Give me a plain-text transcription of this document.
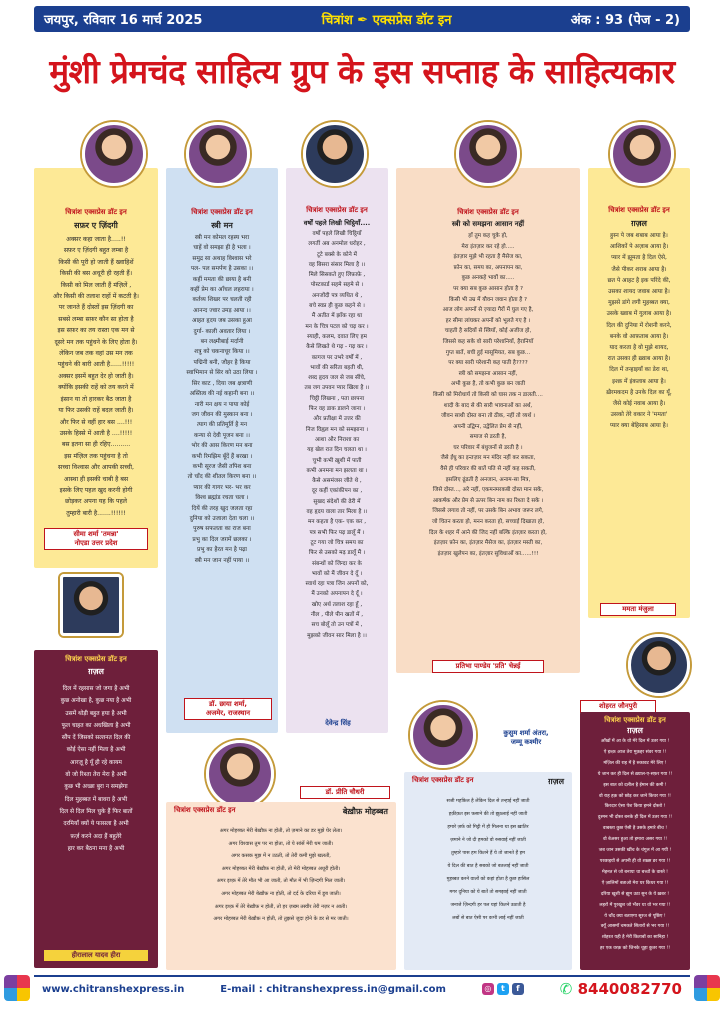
जयपुर, रविवार 16 मार्च 2025	चित्रांश ✒ एक्सप्रेस डॉट इन	अंक : 93 (पेज - 2)
मुंशी प्रेमचंद साहित्य ग्रुप के इस सप्ताह के साहित्यकार
चित्रांश एक्सप्रेस डॉट इन
सफ़र ए ज़िंदगी
अक्सर कहा जाता है.....!!
सफ़र ए ज़िंदगी बहुत लम्बा है
किसी की पूरी हो जाती हैं ख्वाहिशें
किसी की बस अधूरी ही रहती हैं।
किसी को मिल जाती हैं मंज़िलें ,
और किसी की तलाश राहों में कटती है।
पर जानते हैं दोस्तों इस ज़िंदगी का
सबसे लम्बा सफ़र कौन सा होता है
इस सफ़र का तय रास्ता एक मन से
दूसरे मन तक पहुंचने के लिए होता है।
लेकिन जब तक वहां उस मन तक
पहुंचने की बारी आती है......!!!!!
अक्सर इसमें बहुत देर हो जाती है।
क्योंकि इसकी राहें को तय करने में
इंसान या तो हारकर बैठ जाता है
या फिर उसकी राहें बदल जाती है।
और फिर से वहीं हार बस ....!!!
उसके हिस्से में आती है ....!!!!!
बस इतना सा ही रहिए..........
इस मंज़िल तक पहुंचना है तो
सच्चा विश्वास और आपकी सच्ची,
आस्था ही इसकी चाबी है बस
इसके लिए पहल खुद करनी होगी
छोड़कर अपना यह कि पहले
तुम्हारी बारी है.......!!!!!!
सीमा शर्मा 'तमन्ना'
नोएडा उत्तर प्रदेश
चित्रांश एक्सप्रेस डॉट इन
स्त्री मन
स्त्री मन कोमल रहस्य भरा
चाहें वो समझा ही है भला ।
समुद्र सा अथाह विश्वास भरे
पल- पल समर्पण है उसका ।।
कहीं ममता की छाया है बनी
कहीं प्रेम का आँचल लहराया ।
कर्तव्य शिखर पर चलती रही
आनन्द ज्वार उमड़ आया ।।
आहत हृदय जब उसका हुआ
दुर्गा- काली अवतार लिया ।
बन लक्ष्मीबाई मर्दानी
शत्रु को चकनाचूर किया ।।
पद्मिनी बनी, जौहर है किया
स्वाभिमान से सिर को उठा लिया ।
सिर काट , दिया जब क्षत्राणी
अस्तित्व की नई कहानी बना ।।
नारी मन क्षय न पाया कोई
जग जीवन की मुस्कान बना ।
त्याग की प्रतिमूर्ति है मन
कन्या से देवी पूजन बना ।।
भोर की आस किरण मन बना
कभी रिमझिम बूँदें हैं बरखा ।
कभी सूरज जैसी तपिश बना
तो चाँद की शीतल किरण बना ।।
प्यार की गागर भर- भर कर
विश्व ब्रह्मांड रचता चला ।
दियें की तरह खुद जलता रहा
दुनिया को उजाला देता चला ।।
पुरुष सफलता का राज बना
प्रभु का दिल जग़में छलका ।
प्रभु का हैरत मन है पढ़ा
स्त्री मन जान नहीं पाया ।।
डॉ. छाया शर्मा,
अजमेर, राजस्थान
चित्रांश एक्सप्रेस डॉट इन
वर्षों पहले लिखी चिट्ठियाँ....
वर्षों पहले लिखी चिट्ठियाँ
लगतीं अब अनमोल धरोहर ,
टूटे बक्से के कोने में
वह बिसरा संसार मिला है ।।
मिले सिसकते हुए लिफ़ाफ़े ,
पोस्टकार्ड सहमे सहमे से ।
अनजोंदी पत्र व्यथित थे ,
बचे स्वप्न ही कुछ कहने से ।
मैं अतीत में झाँक रहा था
मन के चित्र पटल को चढ़ कर ।
स्याही, कलम, दवात लिए हम
कैसे लिखते थे गढ़ - गढ़ कर ।
कागज पर उभरे वर्षों में ,
भावों की सरिता बहती थी,
शब्द हृदय जल से जब सींचे,
तब जग उपवन प्यार खिला है ।।
चिट्ठी लिखना , पता छापना
फिर वह डाक डालने जाना ।
और प्रतीक्षा में उत्तर की
निज विह्वल मन को समझाना ।
आशा और निराशा का
यह खेल रात दिन चलता था ।
चुभी कभी ख़ुशी में पाती
कभी अनमना मन झलता था ।
कैसे असमंजस जीते थे ,
दूर कहीं एकांकीपन का ,
सुखद संदेशों की ढेरी में
वह हृदय वाला तार मिला है ।।
मन कहता है एक- एक कर ,
पत्र सभी फिर पढ़ डालूँ मैं ।
टूट गया जो चित्र समय का
फिर से उसको मढ़ डालूँ मैं ।
संबन्धों को जिन्दा कर के
भावों को मैं जीवन दे दूँ ।
स्वार्थ रहा पत्रा जिन अपनों को,
मैं उनको अपनापन दे दूँ ।
खोए अर्थ तलाश रहा हूँ ,
नील , पीले पीन खतों में ,
सच बोलूँ तो उन पत्रों में ,
मुझको जीवन सार मिला है ।।
देवेन्द्र सिंह
चित्रांश एक्सप्रेस डॉट इन
स्त्री को समझना आसान नहीं
हाँ तुम कह चुके हो,
मेरा इंतज़ार कर रहे हो.....
इंतज़ार मुझे भी रहता है मैसेज का,
फ़ोन का, समय का, अपनापन का,
कुछ अनकहे भावों का.....
पर क्या सब कुछ आसान होता है ?
किसी भी उम्र में यौवन जवान होता है ?
आज लोग अपनों से ज़्यादा गैरों में घुल गए है,
हर सीमा लांघकर अपनों को भूलते गए है ।
चाहती है सदियों से स्त्रियाँ, कोई अजीज हो,
जिससे कह सके वो सारी परेशानियाँ, हैरानियाँ
गुप्त बातें, बची हुई मासूमियत, सब कुछ...
पर क्या सारी परेशानी कह पाती है????
स्त्री को समझना आसान नहीं,
अभी कुछ है, तो कभी कुछ बन जाती
किसी को मिरोधार्य तो किसी को घास तक न डालती....
शादी के बाद से की सारी भावनाओं का अर्थ,
जीवन साथी दोस्त बना तो ठीक, नहीं तो व्यर्थ ।
अपनी उद्विग्न, उद्वेलित प्रेम से नहीं,
समाज से डरती है,
घर परिवार में बंधुजनों से डरती है ।
जैसे ईंधु का इन्तज़ार मन मंदिर नहीं कर सकता,
वैसे ही परिवार की बातें पति से नहीं कह सकती,
इसलिए ढूंढती है अनजान, अनाम-सा मित्र,
जिसे दोस्त..., अरे नहीं, एकमनमरकबी दोस्त मान सके,
आकर्षक और प्रेम से ऊपर बिन नाम का रिश्ता दे सके ।
जिससे लगाव तो नहीं, पर उसके बिन अभाव जरूर लगे,
जो चितन करता हो, मनन करता हो, सच्चाई दिखाता हो,
दिल के शहर में आने की जिद नहीं बल्कि इंतज़ार करता हो,
इंतज़ार फ़ोन का, इंतज़ार मैसेज का, इंतज़ार मस्ती का,
इंतज़ार खुलेपन का, इंतज़ार सुविधाओं का......!!!
प्रतिभा पाण्डेय 'प्रति' चेन्नई
चित्रांश एक्सप्रेस डॉट इन
ग़ज़ल
हुस्न पे जब शबाब आया है।
आशिकों पे अज़ाब आया है।
प्यार में झूमता है दिल ऐसे,
जैसे पीकर शराब आया है।
छत पे आहट है इक परिंदे की,
उसका शायद जवाब आया है।
मुझसे डांगे लगी मुहब्बत क्या,
उसके ख्वाब में गुलाब आया है।
दिल की दुनिया में रोशनी करने,
बनके वो आफ़ताब आया है।
याद करता है वो मुझे शायद,
रात उसका ही ख़्वाब आया है।
दिल में तन्हाइयाँ का डेरा था,
इश्क़ में इंकलाब आया है।
ख़ैरमकदम है उनके दिल का यूँ,
जैसे कोई नवाब आया है।
उसको तेरे वकार ने 'ममता'
प्यार क्या बेहिसाब आया है।
ममता मंजुला
चित्रांश एक्सप्रेस डॉट इन
ग़ज़ल
दिल में रहसास जो जगा है अभी
कुछ अनोखा है, कुछ नया है अभी
उसमें थोड़ी बहुत हया है अभी
फूल चाहत का अधखिला है अभी
सौंप दें जिसको सल्तनत दिल की
कोई ऐसा नहीं मिला है अभी
आरज़ू है यूँ ही रहे कायम
वो जो रिश्ता तेरा मेरा है अभी
कुछ भी अच्छा बुरा न समझेगा
दिल मुहब्बत में बावरा है अभी
दिल से दिल मिल चुके हैं फिर बातों
दरमियाँ क्यों ये फासला है अभी
फ़र्ज़ करने अदा हैं बहुतेरे
हार कर बैठना मना है अभी
हीरालाल यादव हीरा
डॉ. प्रीति चौधरी
चित्रांश एक्सप्रेस डॉट इन	बेख़ौफ़ मोहब्बत
अगर मोहब्बत मेरी बेख़ौफ़ ना होती, तो ज़माने का डर मुझे घेर लेता।
अगर विश्वास तुम पर ना होता, तो ये सांसें मेरी थम जाती।
अगर कसक मुझ में न उठती, तो तेरी कमी मुझे खलती,
अगर मोहब्बत मेरी बेख़ौफ़ ना होती, तो मेरी मोहब्बत अधूरी होती।
अगर इश्क़ में तेरे मौत भी आ जाती, तो मौत में भी ज़िन्दगी मिल जाती।
अगर मोहब्बत मेरी बेख़ौफ़ ना होती, तो दर्द के दरिया में डूब जाती।
अगर इश्क़ में तेरे बेख़ौफ़ न होती, तो हर ज़ख्म तस्वीर तेरी नज़र न आती।
अगर मोहब्बत मेरी बेख़ौफ़ न होती, तो तुझसे जुदा होने के डर से मर जाती।
कुसुम शर्मा अंतरा,
जम्मू कश्मीर
चित्रांश एक्सप्रेस डॉट इन	ग़ज़ल
सजी महफ़िल है लेकिन दिल से तन्हाई नहीं जाती
हक़ीक़त इस फ़साने की तो झुठलाई नहीं जाती
हमारे ज़र्फ़ को मिट्टी में ही मिलना था इस ख़ातिर
ज़माने ने जो दी हमको वो रुसवाई नहीं जाती
तुम्हारे पास हम कितने हैं ये तो जानते हैं हम
ये दिल की बात है सबको जो बतलाई नहीं जाती
मुहब्बत करने वालों को कहां होता है कुछ हासिल
मगर दुनिया को ये बातें तो समझाई नहीं जाती
जनाजे ज़िन्दगी हर पल यहां कितने उठाती है
लबों से बात ऐसी पर कभी लाई नहीं जाती
शोहरत जौनपुरी
चित्रांश एक्सप्रेस डॉट इन
ग़ज़ल
आँखों में आ के वो मेरे दिल में उतर गया !
ऐ इश्क़ आज तेरा मुक़द्दर संवर गया !!
मंज़िल की राह में है रुकावट मेरे लिए !
ये जान कर ही दिल से ख़्याल-ए-सफ़र गया !!
इस बात को दलील है ईमान की कमी !
वो राह हक़ को छोड़ कर जाने किधर गया !!
किरदार ऐसा पेश किया हमने दोस्तो !
दुश्मन भी दोस्त बनके ही दिल में उतर गया !!
वाबस्ता कुछ ऐसी है उसके हमारे बीच !
वो बेअसर हुआ तो हमारा असर गया !!
जब जान उसकी खींच के चंगुल में आ गयी !
परछाइयों से अपनी ही वो शख़्स डर गया !!
मेहनत से जो बनाया था बच्चों के वास्ते !
ऐ ज़ालिमों बताओ मेरा घर किधर गया !!
दरिया खुशी से झूम उठा सुन के ये ख़बर !
लहरों में पुरखुश जो भँवर था वो भर गया !!
ये चाँद क्या बताएगा सूरज से पूछिए !
क्यूँ आसमाँ चमकते सितारों से भर गया !!
शोहरत यही है मेरी किताबों का सानिहा !
हर एक वरक़ को जिनके चूहा कुतर गया !!
www.chitranshexpress.in	E-mail : chitranshexpress.in@gmail.com	◎	t	f	✆ 8440082770
